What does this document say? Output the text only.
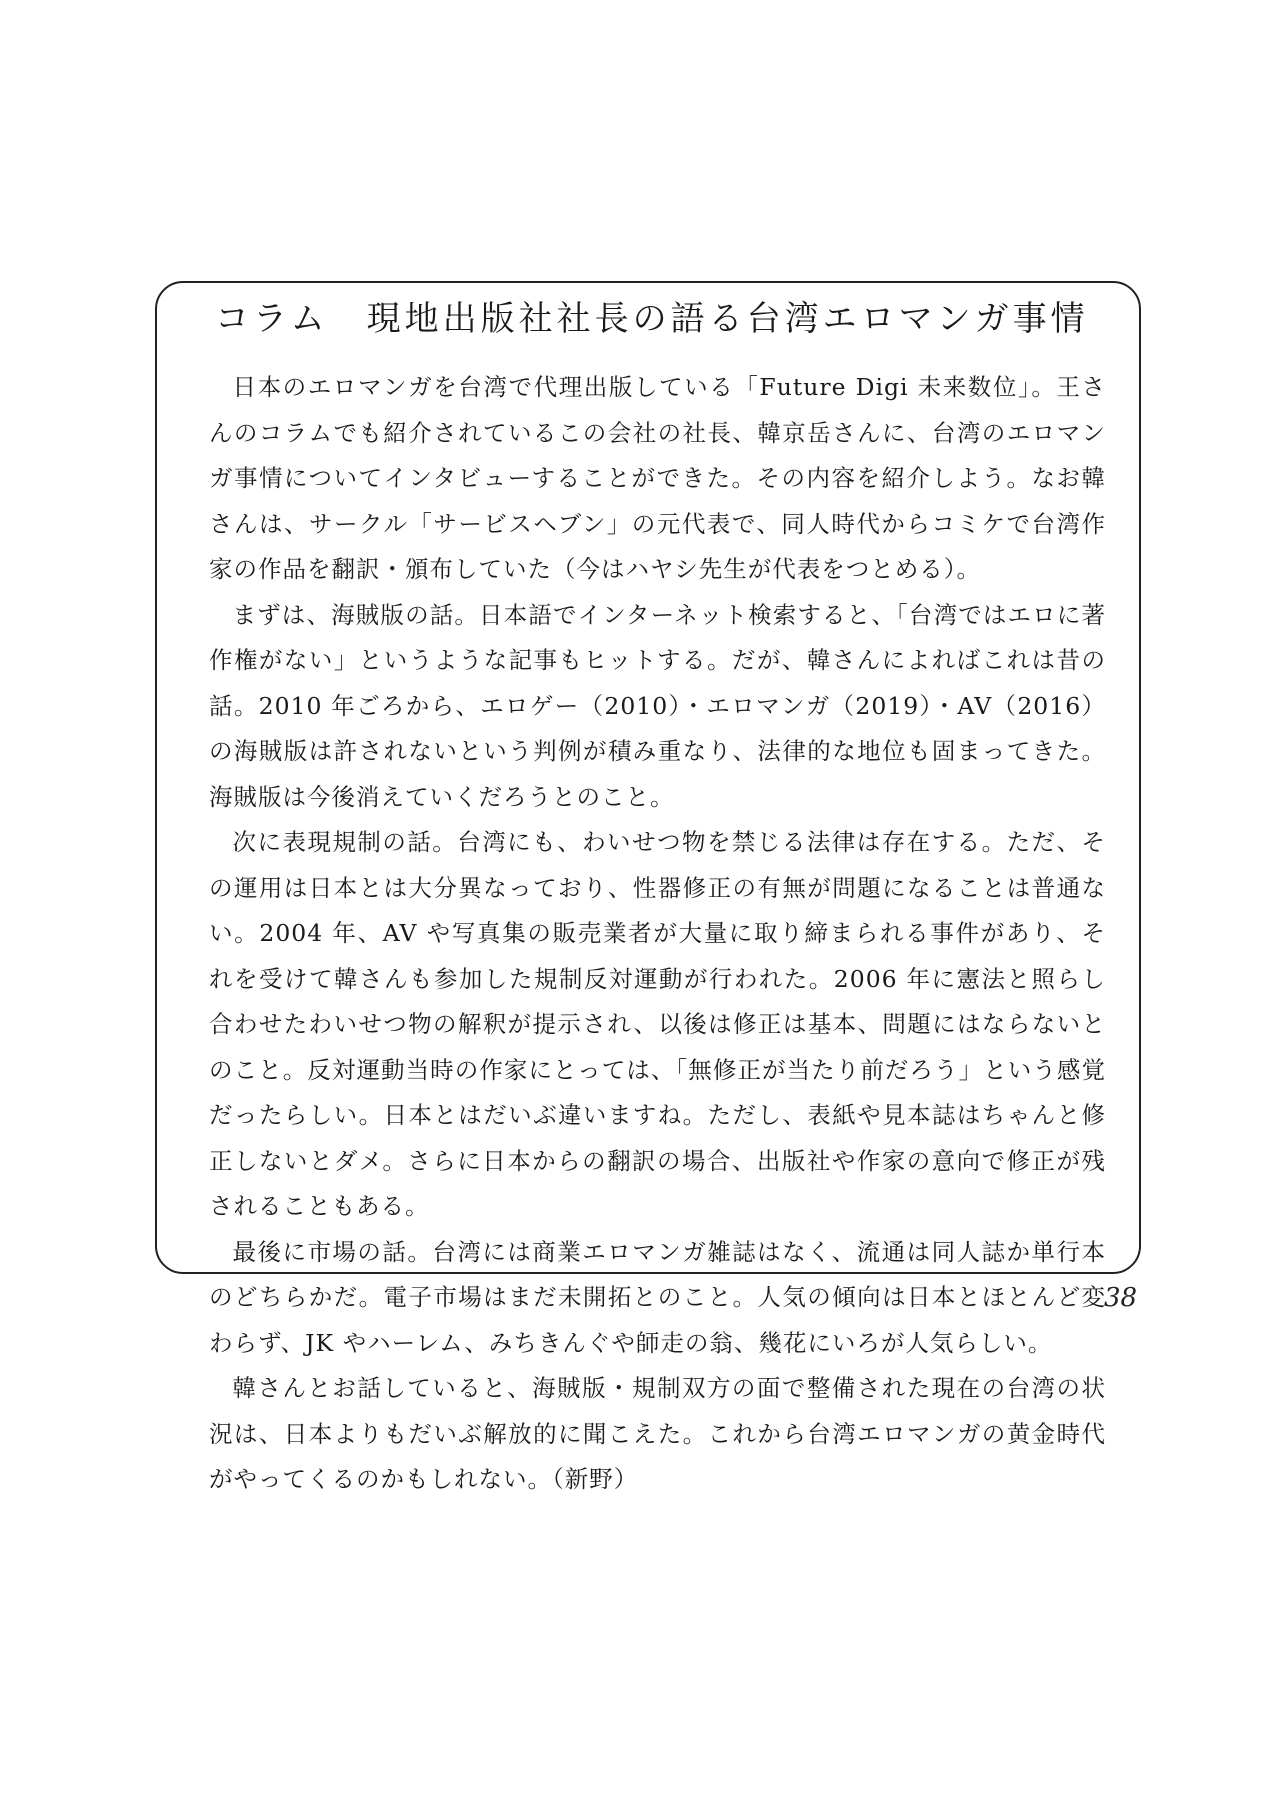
コラム　現地出版社社長の語る台湾エロマンガ事情

日本のエロマンガを台湾で代理出版している「Future Digi 未来数位」。王さんのコラムでも紹介されているこの会社の社長、韓京岳さんに、台湾のエロマンガ事情についてインタビューすることができた。その内容を紹介しよう。なお韓さんは、サークル「サービスヘブン」の元代表で、同人時代からコミケで台湾作家の作品を翻訳・頒布していた（今はハヤシ先生が代表をつとめる）。

まずは、海賊版の話。日本語でインターネット検索すると、「台湾ではエロに著作権がない」というような記事もヒットする。だが、韓さんによればこれは昔の話。2010 年ごろから、エロゲー（2010）・エロマンガ（2019）・AV（2016）の海賊版は許されないという判例が積み重なり、法律的な地位も固まってきた。海賊版は今後消えていくだろうとのこと。

次に表現規制の話。台湾にも、わいせつ物を禁じる法律は存在する。ただ、その運用は日本とは大分異なっており、性器修正の有無が問題になることは普通ない。2004 年、AV や写真集の販売業者が大量に取り締まられる事件があり、それを受けて韓さんも参加した規制反対運動が行われた。2006 年に憲法と照らし合わせたわいせつ物の解釈が提示され、以後は修正は基本、問題にはならないとのこと。反対運動当時の作家にとっては、「無修正が当たり前だろう」という感覚だったらしい。日本とはだいぶ違いますね。ただし、表紙や見本誌はちゃんと修正しないとダメ。さらに日本からの翻訳の場合、出版社や作家の意向で修正が残されることもある。

最後に市場の話。台湾には商業エロマンガ雑誌はなく、流通は同人誌か単行本のどちらかだ。電子市場はまだ未開拓とのこと。人気の傾向は日本とほとんど変わらず、JK やハーレム、みちきんぐや師走の翁、幾花にいろが人気らしい。

韓さんとお話していると、海賊版・規制双方の面で整備された現在の台湾の状況は、日本よりもだいぶ解放的に聞こえた。これから台湾エロマンガの黄金時代がやってくるのかもしれない。（新野）

38
